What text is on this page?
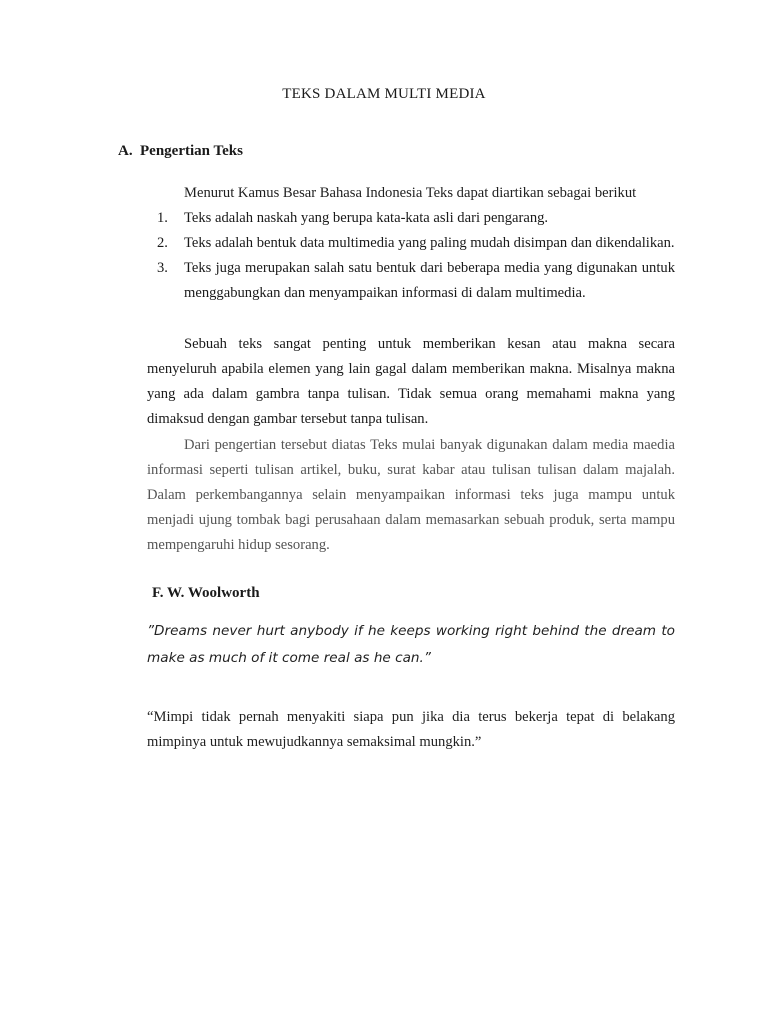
TEKS DALAM MULTI MEDIA
A. Pengertian Teks

Menurut Kamus Besar Bahasa Indonesia Teks dapat diartikan sebagai berikut

1. Teks adalah naskah yang berupa kata-kata asli dari pengarang.
2. Teks adalah bentuk data multimedia yang paling mudah disimpan dan dikendalikan.
3. Teks juga merupakan salah satu bentuk dari beberapa media yang digunakan untuk menggabungkan dan menyampaikan informasi di dalam multimedia.

Sebuah teks sangat penting untuk memberikan kesan atau makna secara menyeluruh apabila elemen yang lain gagal dalam memberikan makna. Misalnya makna yang ada dalam gambra tanpa tulisan. Tidak semua orang memahami makna yang dimaksud dengan gambar tersebut tanpa tulisan.

Dari pengertian tersebut diatas Teks mulai banyak digunakan dalam media maedia informasi seperti tulisan artikel, buku, surat kabar atau tulisan tulisan dalam majalah. Dalam perkembangannya selain menyampaikan informasi teks juga mampu untuk menjadi ujung tombak bagi perusahaan dalam memasarkan sebuah produk, serta mampu mempengaruhi hidup sesorang.

F. W. Woolworth

”Dreams never hurt anybody if he keeps working right behind the dream to make as much of it come real as he can.”

“Mimpi tidak pernah menyakiti siapa pun jika dia terus bekerja tepat di belakang mimpinya untuk mewujudkannya semaksimal mungkin.”
